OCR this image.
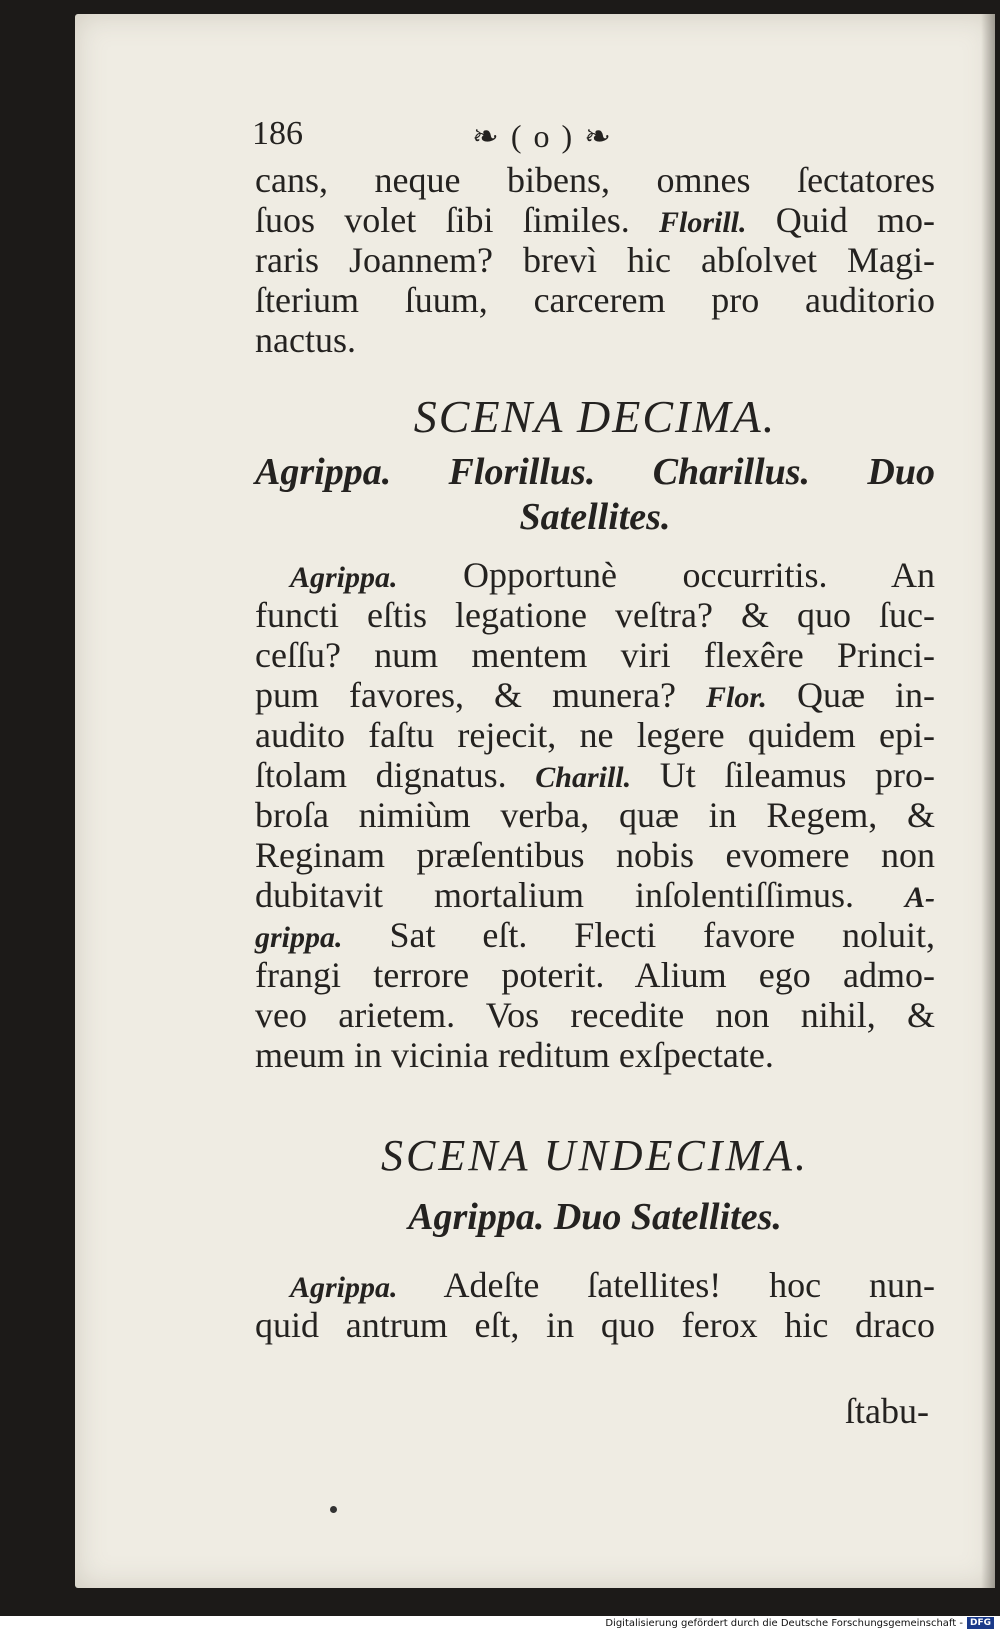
186	❧ ( o ) ❧
cans, neque bibens, omnes ſectatores
ſuos volet ſibi ſimiles. Florill. Quid mo-
raris Joannem? brevì hic abſolvet Magi-
ſterium ſuum, carcerem pro auditorio
nactus.
SCENA DECIMA.
Agrippa. Florillus. Charillus. Duo
Satellites.
Agrippa. Opportunè occurritis. An
functi eſtis legatione veſtra? & quo ſuc-
ceſſu? num mentem viri flexêre Princi-
pum favores, & munera? Flor. Quæ in-
audito faſtu rejecit, ne legere quidem epi-
ſtolam dignatus. Charill. Ut ſileamus pro-
broſa nimiùm verba, quæ in Regem, &
Reginam præſentibus nobis evomere non
dubitavit mortalium inſolentiſſimus. A-
grippa. Sat eſt. Flecti favore noluit,
frangi terrore poterit. Alium ego admo-
veo arietem. Vos recedite non nihil, &
meum in vicinia reditum exſpectate.
SCENA UNDECIMA.
Agrippa. Duo Satellites.
Agrippa. Adeſte ſatellites! hoc nun-
quid antrum eſt, in quo ferox hic draco
ſtabu-
Digitalisierung gefördert durch die Deutsche Forschungsgemeinschaft - DFG
